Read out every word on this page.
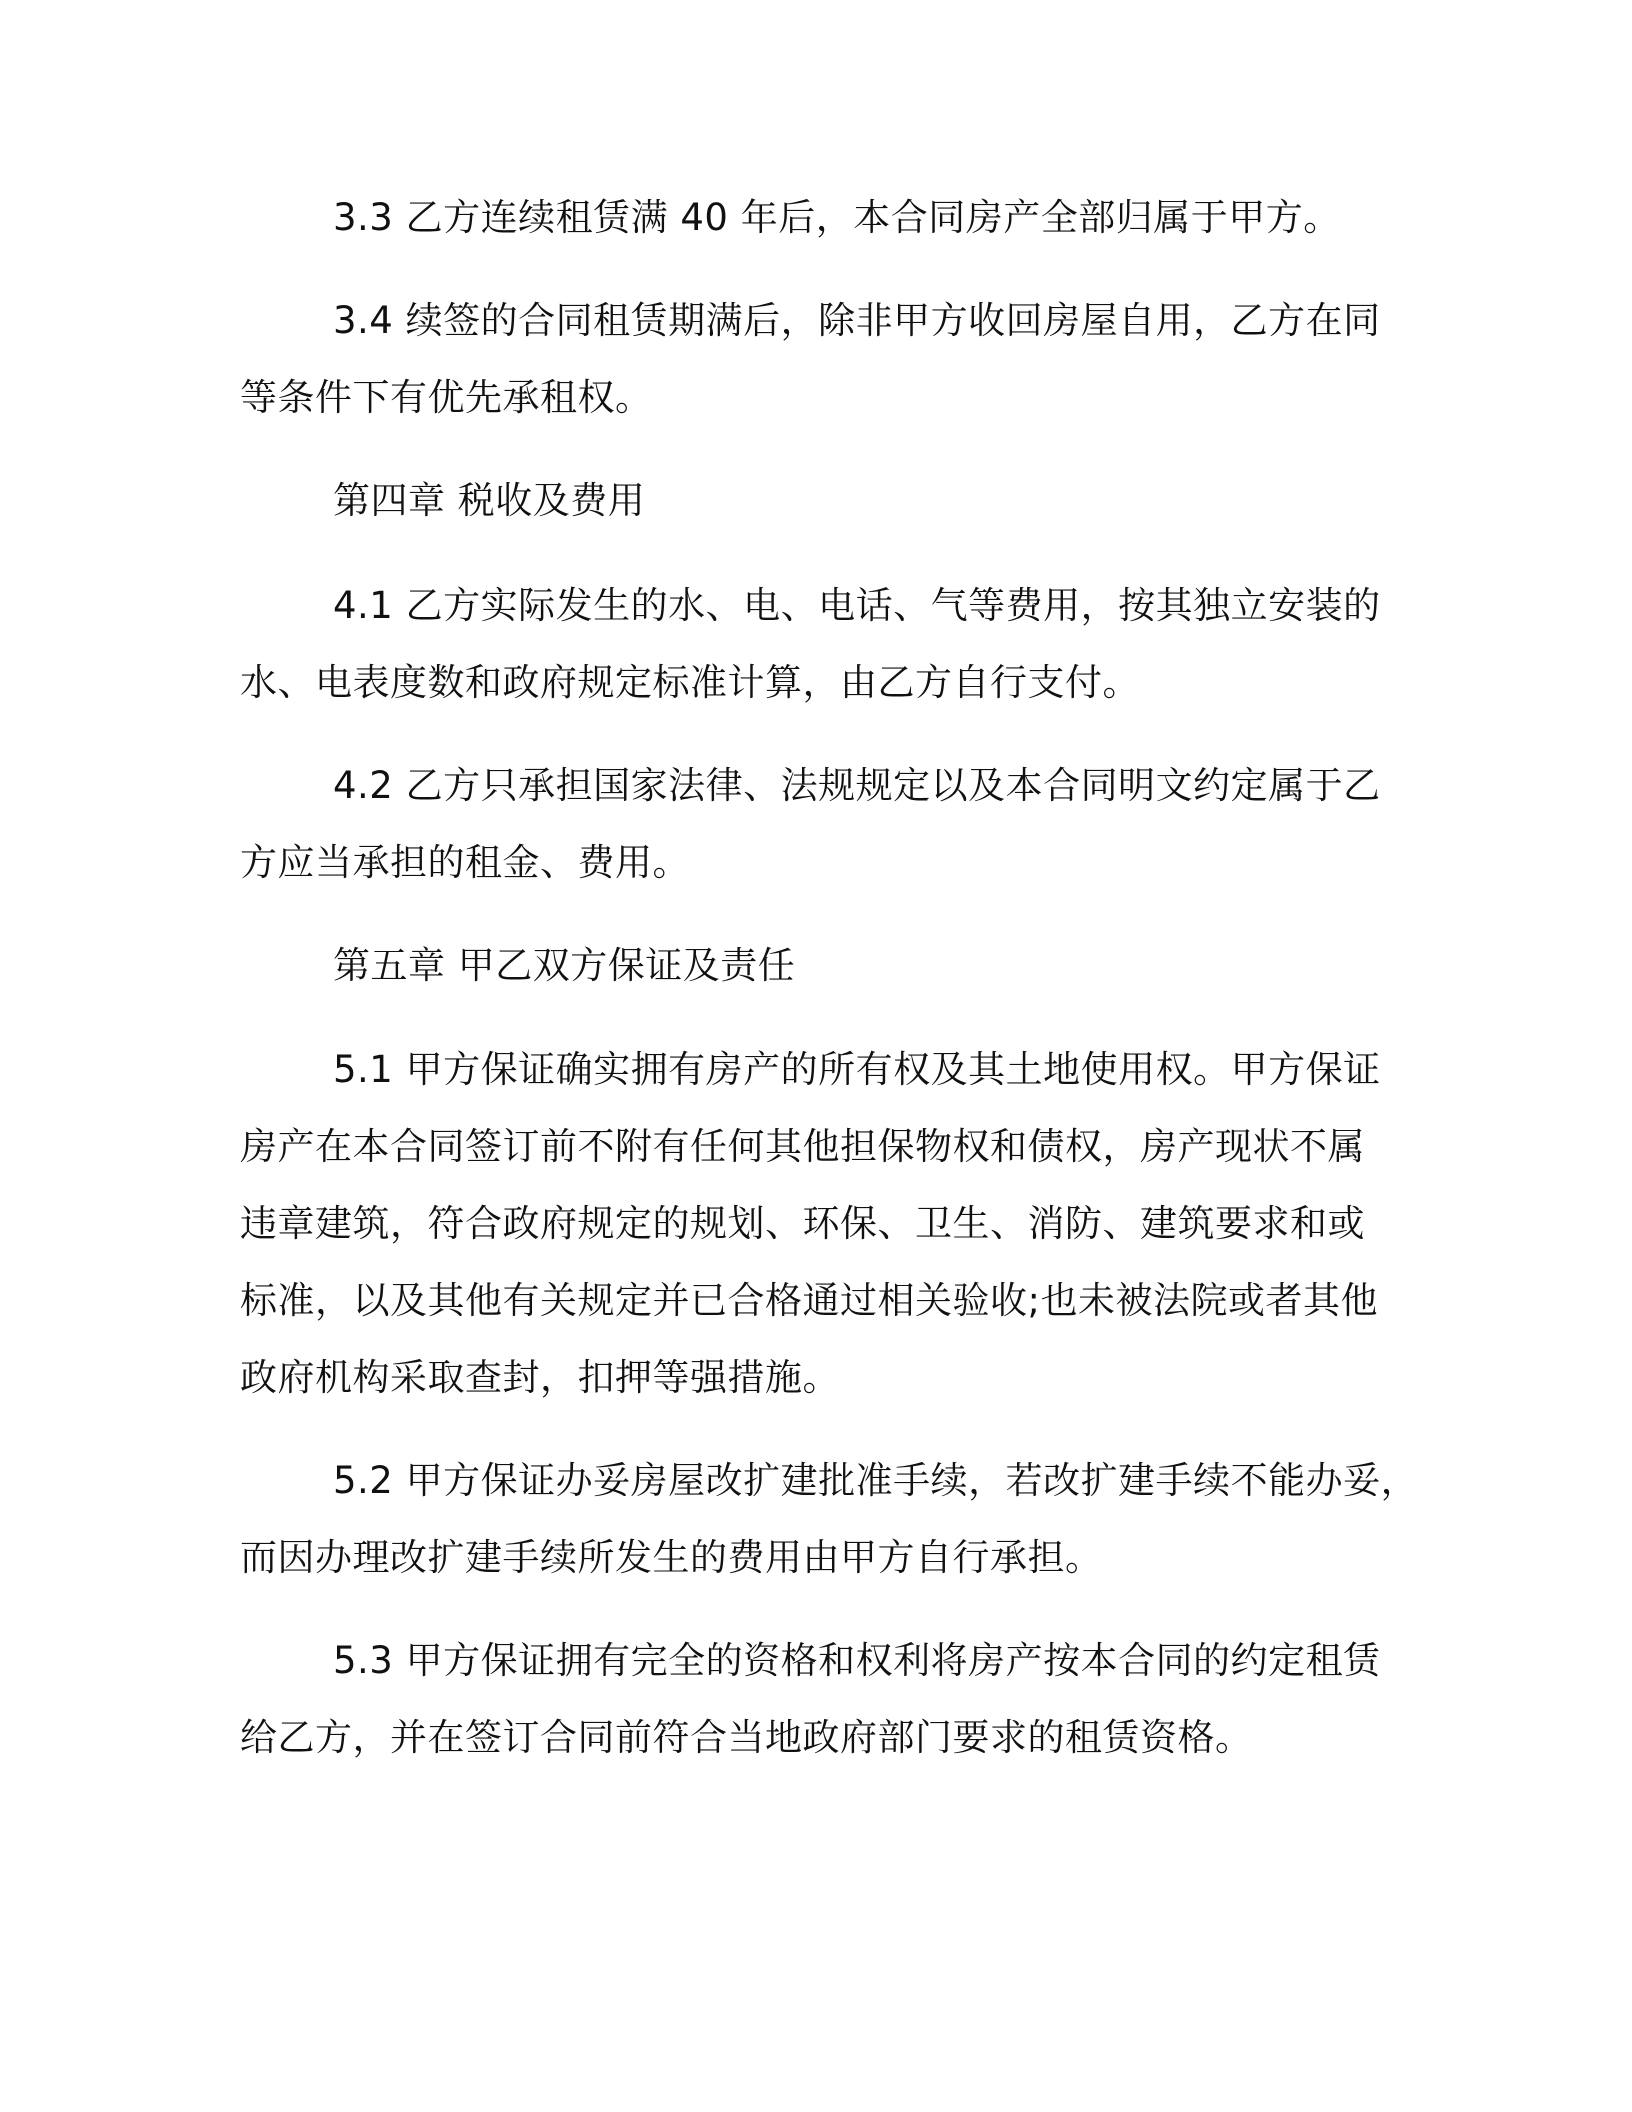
3.3 乙方连续租赁满 40 年后，本合同房产全部归属于甲方。

3.4 续签的合同租赁期满后，除非甲方收回房屋自用，乙方在同

等条件下有优先承租权。

第四章 税收及费用

4.1 乙方实际发生的水、电、电话、气等费用，按其独立安装的

水、电表度数和政府规定标准计算，由乙方自行支付。

4.2 乙方只承担国家法律、法规规定以及本合同明文约定属于乙

方应当承担的租金、费用。

第五章 甲乙双方保证及责任

5.1 甲方保证确实拥有房产的所有权及其土地使用权。甲方保证

房产在本合同签订前不附有任何其他担保物权和债权，房产现状不属

违章建筑，符合政府规定的规划、环保、卫生、消防、建筑要求和或

标准，以及其他有关规定并已合格通过相关验收;也未被法院或者其他

政府机构采取查封，扣押等强措施。

5.2 甲方保证办妥房屋改扩建批准手续，若改扩建手续不能办妥，

而因办理改扩建手续所发生的费用由甲方自行承担。

5.3 甲方保证拥有完全的资格和权利将房产按本合同的约定租赁

给乙方，并在签订合同前符合当地政府部门要求的租赁资格。
